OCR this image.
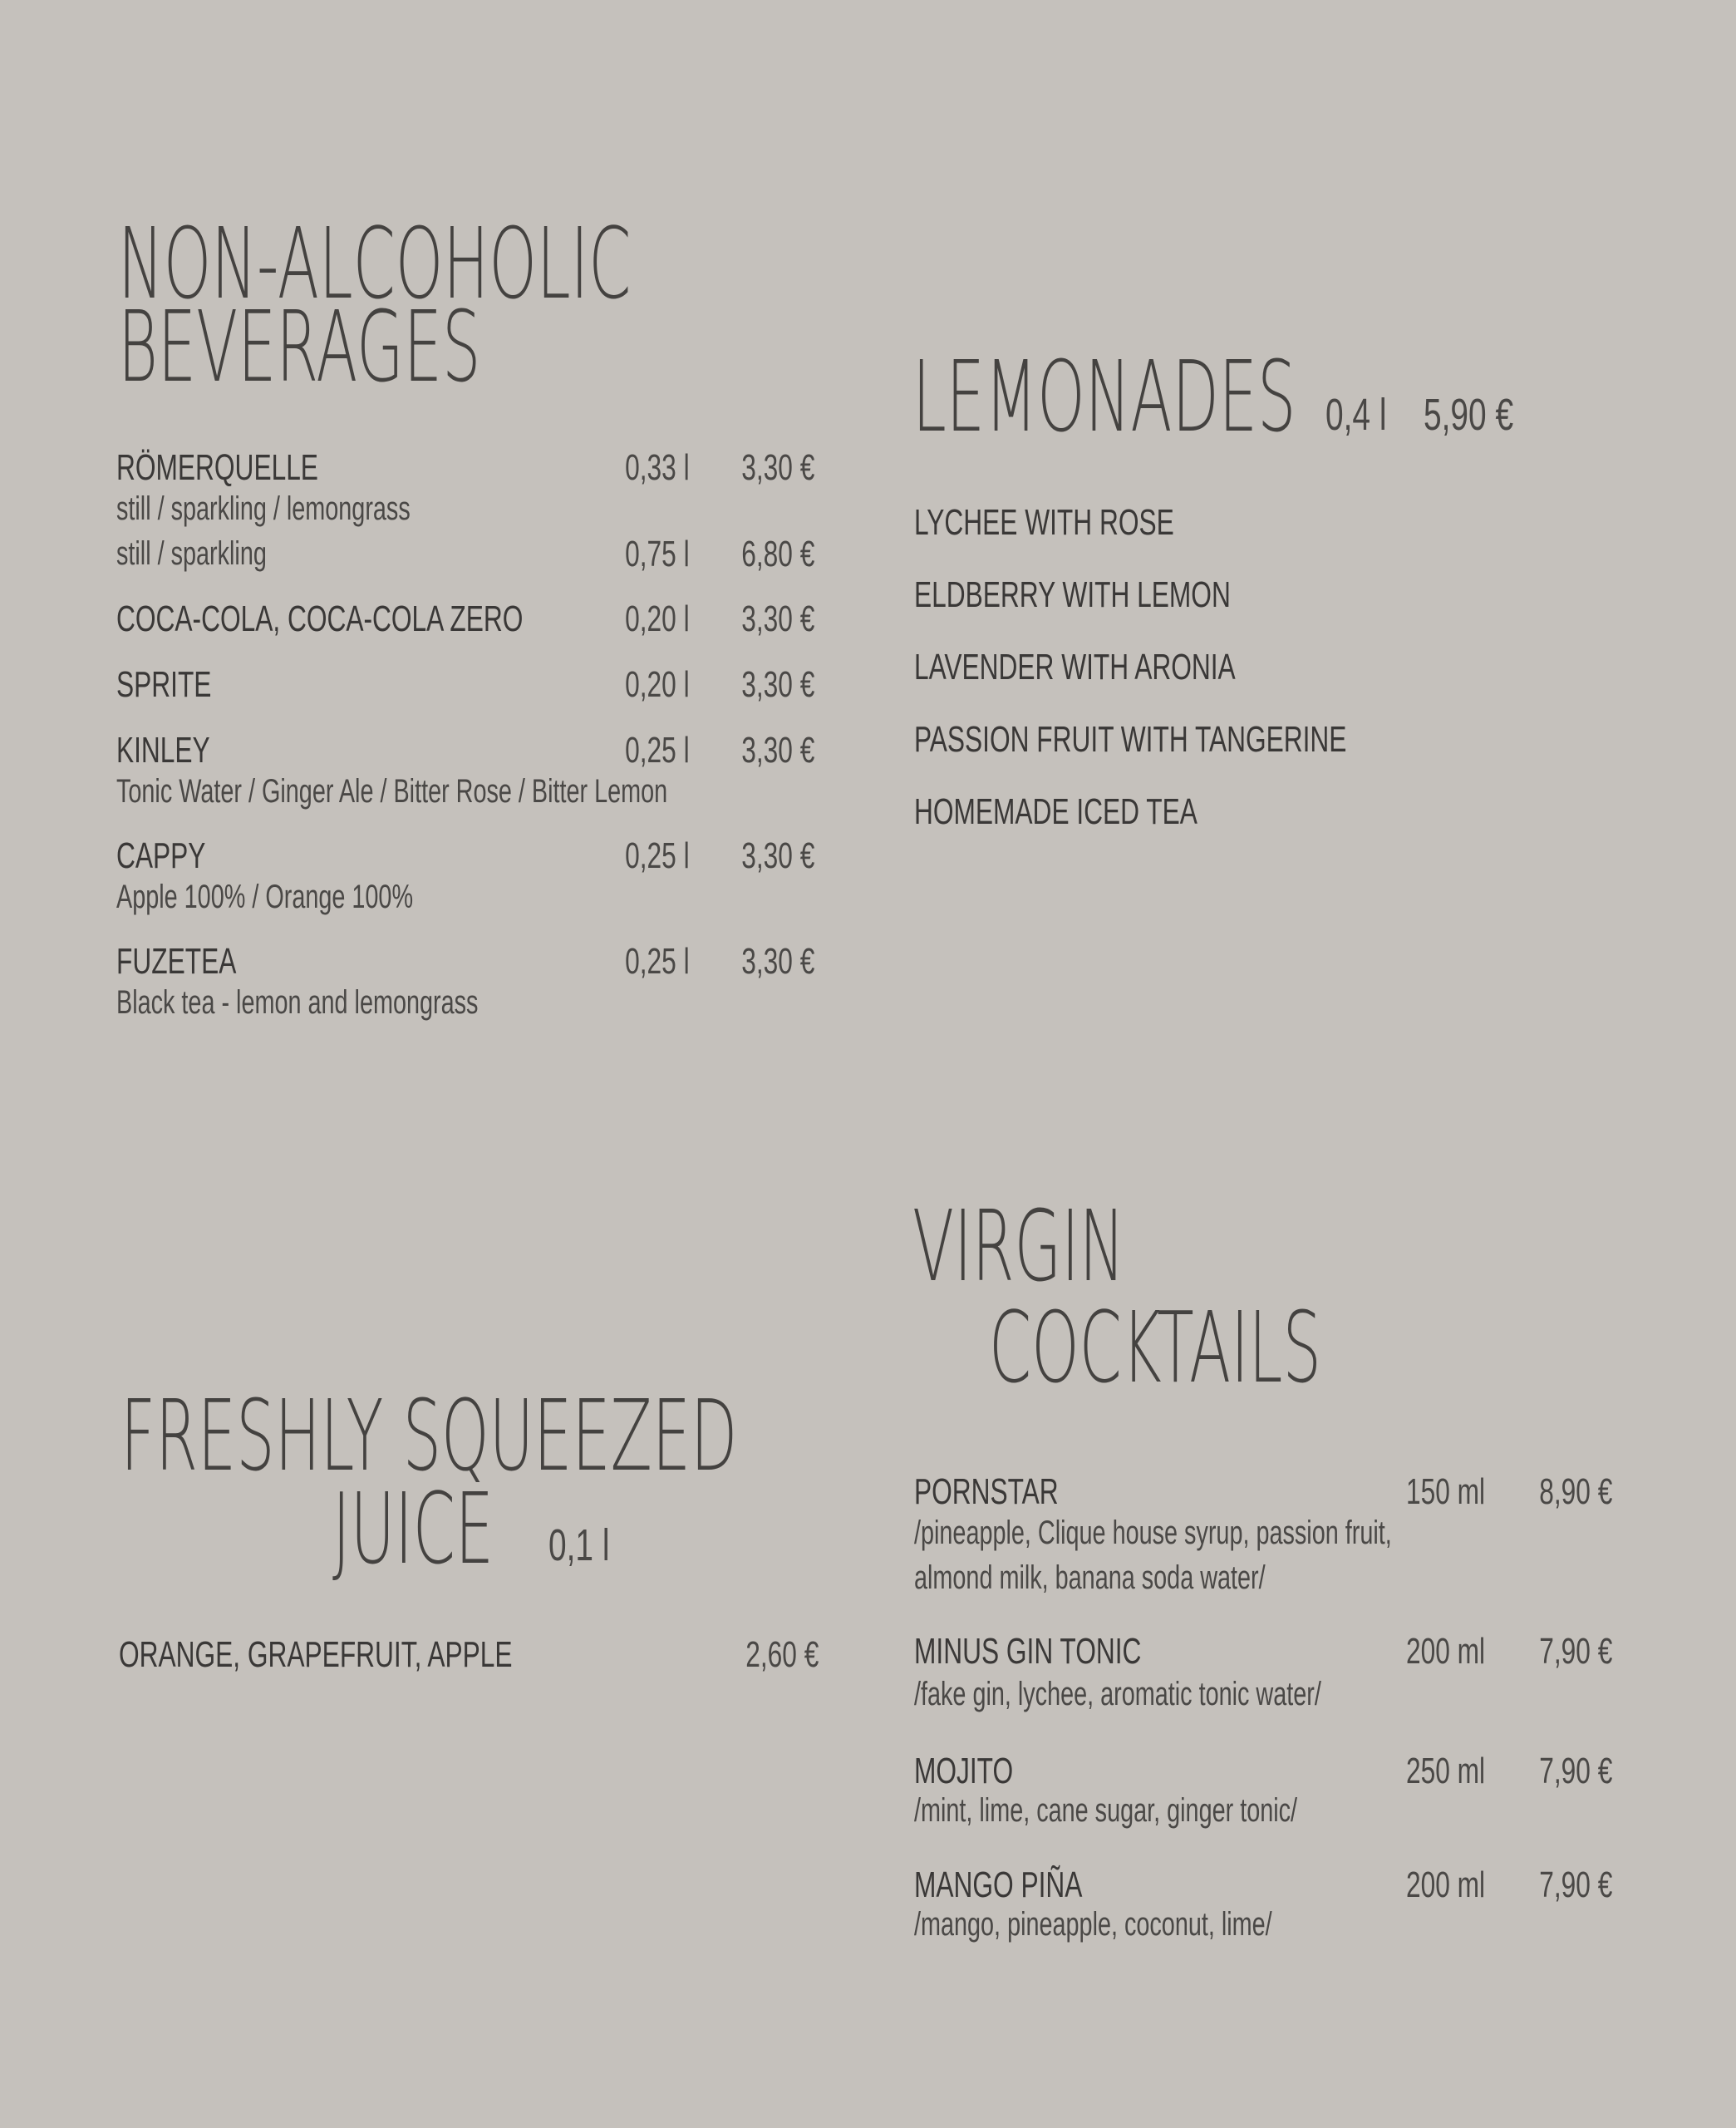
NON-ALCOHOLIC
BEVERAGES
RÖMERQUELLE	0,33 l 3,30 €
still / sparkling / lemongrass
still / sparkling	0,75 l 6,80 €
COCA-COLA, COCA-COLA ZERO	0,20 l 3,30 €
SPRITE	0,20 l 3,30 €
KINLEY	0,25 l 3,30 €
Tonic Water / Ginger Ale / Bitter Rose / Bitter Lemon
CAPPY	0,25 l 3,30 €
Apple 100% / Orange 100%
FUZETEA	0,25 l 3,30 €
Black tea - lemon and lemongrass
LEMONADES 0,4 l 5,90 €
LYCHEE WITH ROSE
ELDBERRY WITH LEMON
LAVENDER WITH ARONIA
PASSION FRUIT WITH TANGERINE
HOMEMADE ICED TEA
FRESHLY SQUEEZED
JUICE 0,1 l
ORANGE, GRAPEFRUIT, APPLE	2,60 €
VIRGIN
COCKTAILS
PORNSTAR	150 ml 8,90 €
/pineapple, Clique house syrup, passion fruit,
almond milk, banana soda water/
MINUS GIN TONIC	200 ml 7,90 €
/fake gin, lychee, aromatic tonic water/
MOJITO	250 ml 7,90 €
/mint, lime, cane sugar, ginger tonic/
MANGO PIÑA	200 ml 7,90 €
/mango, pineapple, coconut, lime/
